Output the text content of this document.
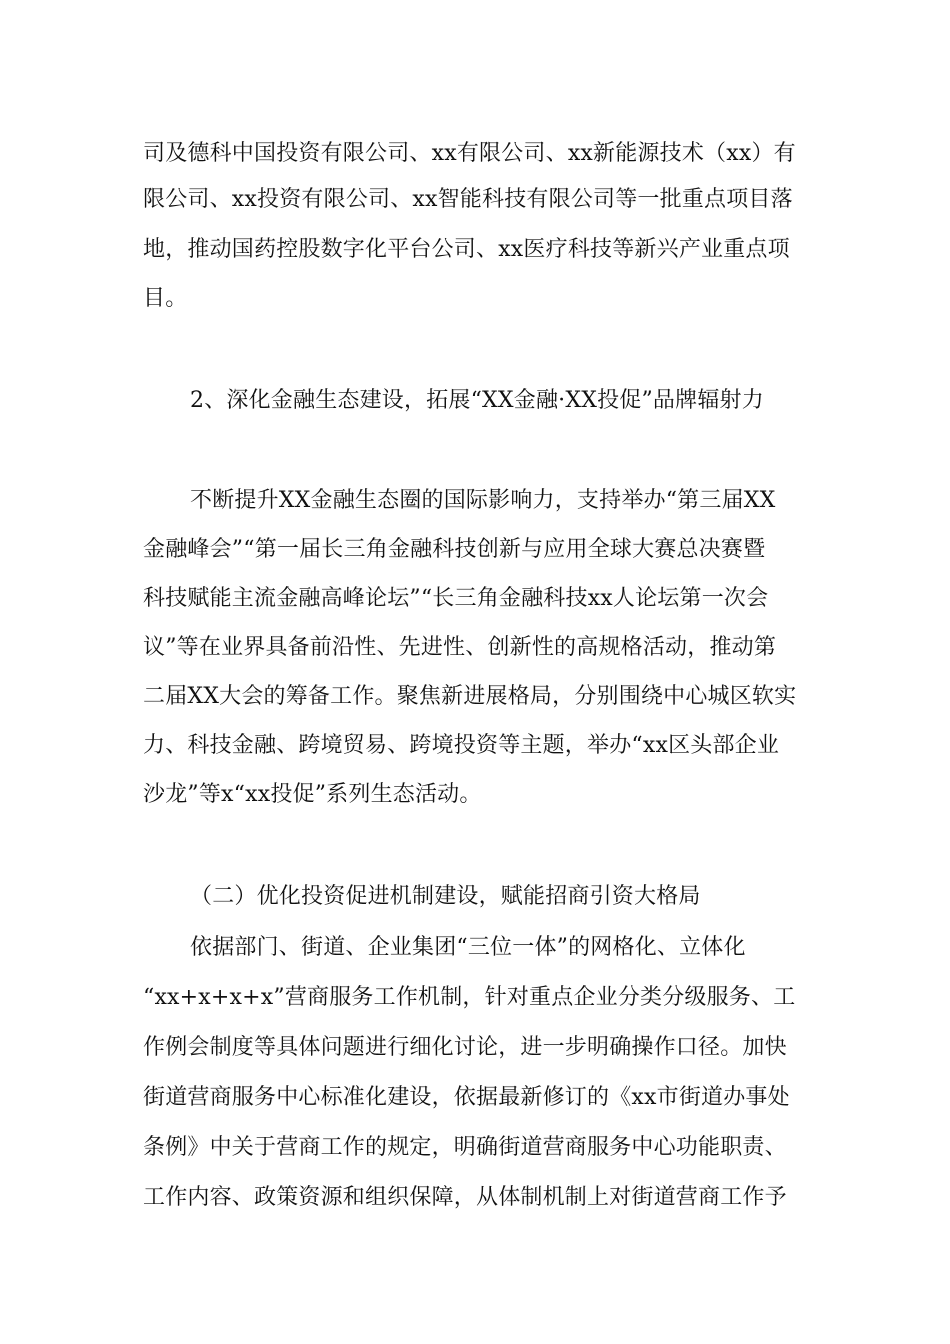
司及德科中国投资有限公司、xx有限公司、xx新能源技术（xx）有
限公司、xx投资有限公司、xx智能科技有限公司等一批重点项目落
地，推动国药控股数字化平台公司、xx医疗科技等新兴产业重点项
目。
2、深化金融生态建设，拓展“XX金融·XX投促”品牌辐射力
不断提升XX金融生态圈的国际影响力，支持举办“第三届XX
金融峰会”“第一届长三角金融科技创新与应用全球大赛总决赛暨
科技赋能主流金融高峰论坛”“长三角金融科技xx人论坛第一次会
议”等在业界具备前沿性、先进性、创新性的高规格活动，推动第
二届XX大会的筹备工作。聚焦新进展格局，分别围绕中心城区软实
力、科技金融、跨境贸易、跨境投资等主题，举办“xx区头部企业
沙龙”等x“xx投促”系列生态活动。
（二）优化投资促进机制建设，赋能招商引资大格局
依据部门、街道、企业集团“三位一体”的网格化、立体化
“xx+x+x+x”营商服务工作机制，针对重点企业分类分级服务、工
作例会制度等具体问题进行细化讨论，进一步明确操作口径。加快
街道营商服务中心标准化建设，依据最新修订的《xx市街道办事处
条例》中关于营商工作的规定，明确街道营商服务中心功能职责、
工作内容、政策资源和组织保障，从体制机制上对街道营商工作予
